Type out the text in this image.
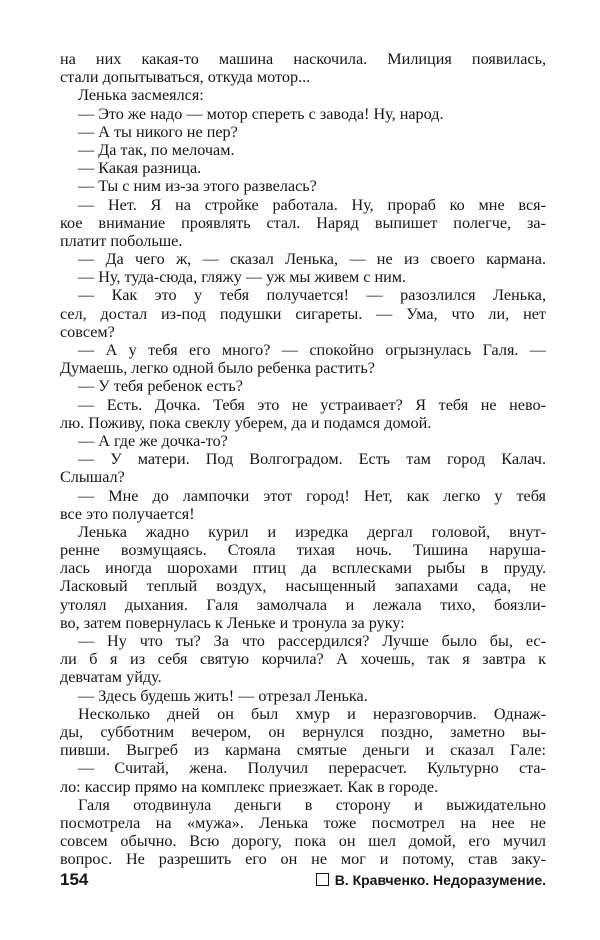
на них какая-то машина наскочила. Милиция появилась,
стали допытываться, откуда мотор...
Ленька засмеялся:
— Это же надо — мотор спереть с завода! Ну, народ.
— А ты никого не пер?
— Да так, по мелочам.
— Какая разница.
— Ты с ним из-за этого развелась?
— Нет. Я на стройке работала. Ну, прораб ко мне вся-
кое внимание проявлять стал. Наряд выпишет полегче, за-
платит побольше.
— Да чего ж, — сказал Ленька, — не из своего кармана.
— Ну, туда-сюда, гляжу — уж мы живем с ним.
— Как это у тебя получается! — разозлился Ленька,
сел, достал из-под подушки сигареты. — Ума, что ли, нет
совсем?
— А у тебя его много? — спокойно огрызнулась Галя. —
Думаешь, легко одной было ребенка растить?
— У тебя ребенок есть?
— Есть. Дочка. Тебя это не устраивает? Я тебя не нево-
лю. Поживу, пока свеклу уберем, да и подамся домой.
— А где же дочка-то?
— У матери. Под Волгоградом. Есть там город Калач.
Слышал?
— Мне до лампочки этот город! Нет, как легко у тебя
все это получается!
Ленька жадно курил и изредка дергал головой, внут-
ренне возмущаясь. Стояла тихая ночь. Тишина наруша-
лась иногда шорохами птиц да всплесками рыбы в пруду.
Ласковый теплый воздух, насыщенный запахами сада, не
утолял дыхания. Галя замолчала и лежала тихо, боязли-
во, затем повернулась к Леньке и тронула за руку:
— Ну что ты? За что рассердился? Лучше было бы, ес-
ли б я из себя святую корчила? А хочешь, так я завтра к
девчатам уйду.
— Здесь будешь жить! — отрезал Ленька.
Несколько дней он был хмур и неразговорчив. Однаж-
ды, субботним вечером, он вернулся поздно, заметно вы-
пивши. Выгреб из кармана смятые деньги и сказал Гале:
— Считай, жена. Получил перерасчет. Культурно ста-
ло: кассир прямо на комплекс приезжает. Как в городе.
Галя отодвинула деньги в сторону и выжидательно
посмотрела на «мужа». Ленька тоже посмотрел на нее не
совсем обычно. Всю дорогу, пока он шел домой, его мучил
вопрос. Не разрешить его он не мог и потому, став заку-
154	В. Кравченко. Недоразумение.
